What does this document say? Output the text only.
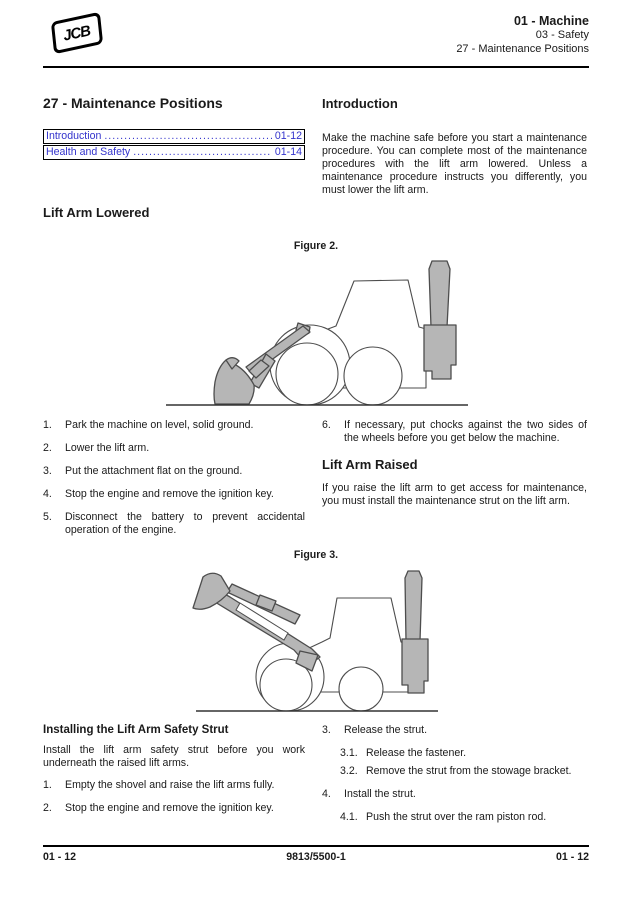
JCB
01 - Machine
03 - Safety
27 - Maintenance Positions
27 - Maintenance Positions
Introduction .....	01-12
Health and Safety .....	01-14
Introduction
Make the machine safe before you start a maintenance procedure. You can complete most of the maintenance procedures with the lift arm lowered. Unless a maintenance procedure instructs you differently, you must lower the lift arm.
Lift Arm Lowered
Figure 2.
1.	Park the machine on level, solid ground.
2.	Lower the lift arm.
3.	Put the attachment flat on the ground.
4.	Stop the engine and remove the ignition key.
5.	Disconnect the battery to prevent accidental operation of the engine.
6.	If necessary, put chocks against the two sides of the wheels before you get below the machine.
Lift Arm Raised
If you raise the lift arm to get access for maintenance, you must install the maintenance strut on the lift arm.
Figure 3.
Installing the Lift Arm Safety Strut
Install the lift arm safety strut before you work underneath the raised lift arms.
1.	Empty the shovel and raise the lift arms fully.
2.	Stop the engine and remove the ignition key.
3.	Release the strut.
3.1. Release the fastener.
3.2. Remove the strut from the stowage bracket.
4.	Install the strut.
4.1. Push the strut over the ram piston rod.
01 - 12	9813/5500-1	01 - 12
